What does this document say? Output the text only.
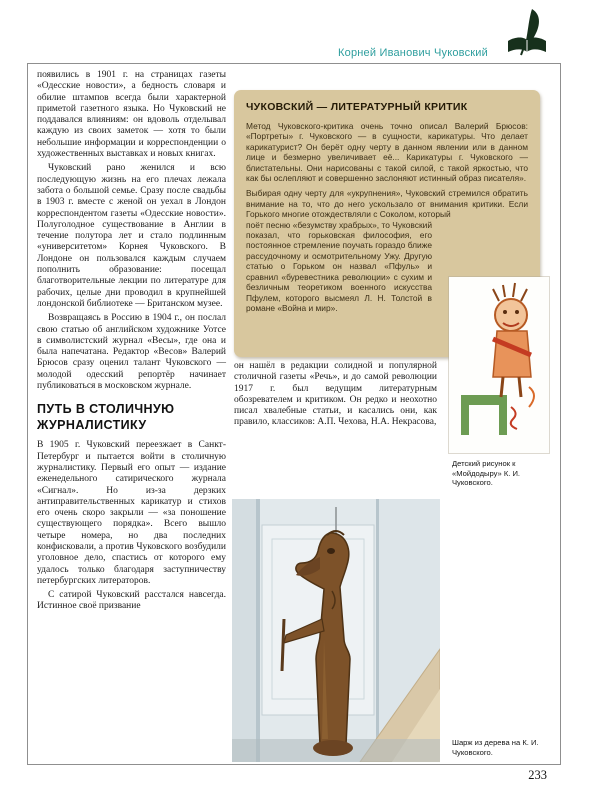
Корней Иванович Чуковский

появились в 1901 г. на страницах газеты «Одесские новости», а бедность словаря и обилие штампов всегда были характерной приметой газетного языка. Но Чуковский не поддавался влияниям: он вдоволь отделывал каждую из своих заметок — хотя то были небольшие информации и корреспонденции о художественных выставках и новых книгах.

Чуковский рано женился и всю последующую жизнь на его плечах лежала забота о большой семье. Сразу после свадьбы в 1903 г. вместе с женой он уехал в Лондон корреспондентом газеты «Одесские новости». Полуголодное существование в Англии в течение полутора лет и стало подлинным «университетом» Корнея Чуковского. В Лондоне он пользовался каждым случаем пополнить образование: посещал благотворительные лекции по литературе для рабочих, целые дни проводил в крупнейшей лондонской библиотеке — Британском музее.

Возвращаясь в Россию в 1904 г., он послал свою статью об английском художнике Уотсе в символистский журнал «Весы», где она и была напечатана. Редактор «Весов» Валерий Брюсов сразу оценил талант Чуковского — молодой одесский репортёр начинает публиковаться в московском журнале.

ПУТЬ В СТОЛИЧНУЮ ЖУРНАЛИСТИКУ

В 1905 г. Чуковский переезжает в Санкт-Петербург и пытается войти в столичную журналистику. Первый его опыт — издание еженедельного сатирического журнала «Сигнал». Но из-за дерзких антиправительственных карикатур и стихов его очень скоро закрыли — «за поношение существующего порядка». Всего вышло четыре номера, но два последних конфисковали, а против Чуковского возбудили уголовное дело, спастись от которого ему удалось только благодаря заступничеству петербургских литераторов.

С сатирой Чуковский расстался навсегда. Истинное своё призвание

ЧУКОВСКИЙ — ЛИТЕРАТУРНЫЙ КРИТИК

Метод Чуковского-критика очень точно описал Валерий Брюсов: «Портреты» г. Чуковского — в сущности, карикатуры. Что делает карикатурист? Он берёт одну черту в данном явлении или в данном лице и безмерно увеличивает её... Карикатуры г. Чуковского — блистательны. Они нарисованы с такой силой, с такой яркостью, что как бы ослепляют и совершенно заслоняют истинный образ писателя».

Выбирая одну черту для «укрупнения», Чуковский стремился обратить внимание на то, что до него ускользало от внимания критики. Если Горького многие отождествляли с Соколом, который

поёт песню «безумству храбрых», то Чуковский показал, что горьковская философия, его постоянное стремление поучать гораздо ближе рассудочному и осмотрительному Ужу. Другую статью о Горьком он назвал «Пфуль» и сравнил «буревестника революции» с сухим и безличным теоретиком военного искусства Пфулем, которого высмеял Л. Н. Толстой в романе «Война и мир».

Детский рисунок к «Мойдодыру» К. И. Чуковского.

он нашёл в редакции солидной и популярной столичной газеты «Речь», и до самой революции 1917 г. был ведущим литературным обозревателем и критиком. Он редко и неохотно писал хвалебные статьи, и касались они, как правило, классиков: А.П. Чехова, Н.А. Некрасова,

Шарж из дерева на К. И. Чуковского.
233
